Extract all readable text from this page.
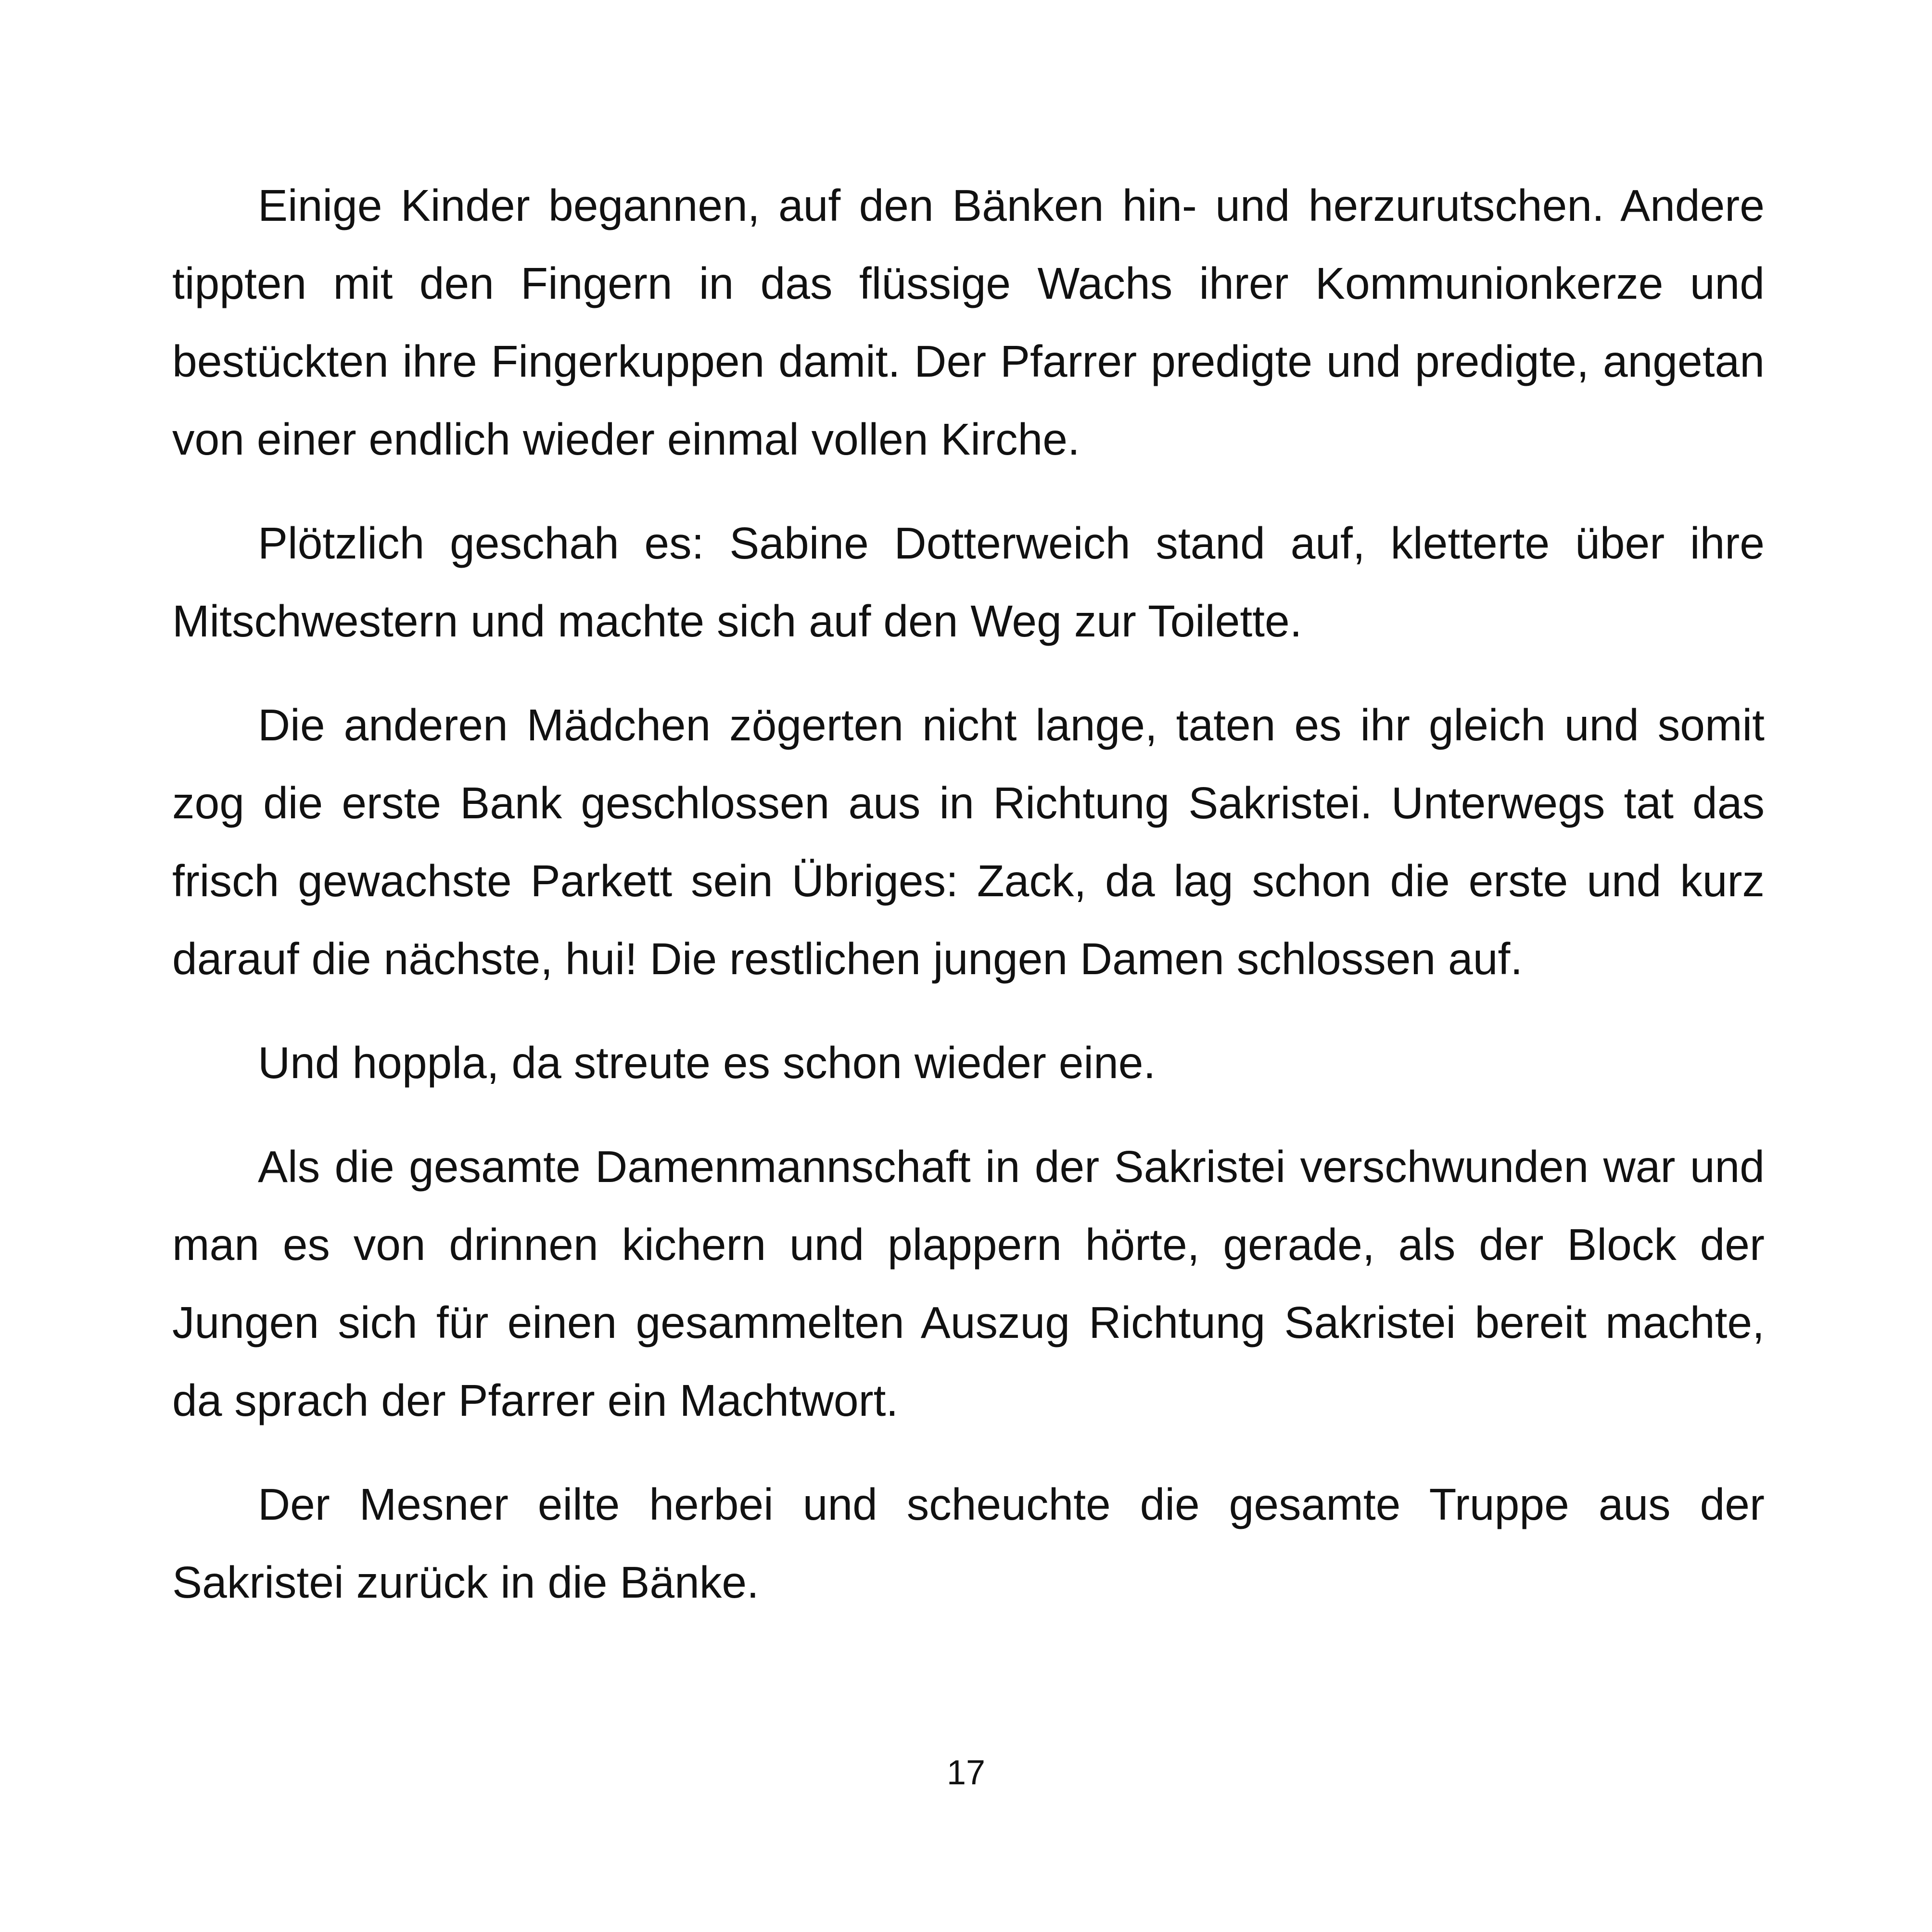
Einige Kinder begannen, auf den Bänken hin- und herzurutschen. Andere tippten mit den Fingern in das flüssige Wachs ihrer Kommunionkerze und bestückten ihre Fingerkuppen damit. Der Pfarrer predigte und predigte, angetan von einer endlich wieder einmal vollen Kirche.

Plötzlich geschah es: Sabine Dotterweich stand auf, kletterte über ihre Mitschwestern und machte sich auf den Weg zur Toilette.

Die anderen Mädchen zögerten nicht lange, taten es ihr gleich und somit zog die erste Bank geschlossen aus in Richtung Sakristei. Unterwegs tat das frisch gewachste Parkett sein Übriges: Zack, da lag schon die erste und kurz darauf die nächste, hui! Die restlichen jungen Damen schlossen auf.

Und hoppla, da streute es schon wieder eine.

Als die gesamte Damenmannschaft in der Sakristei verschwunden war und man es von drinnen kichern und plappern hörte, gerade, als der Block der Jungen sich für einen gesammelten Auszug Richtung Sakristei bereit machte, da sprach der Pfarrer ein Machtwort.

Der Mesner eilte herbei und scheuchte die gesamte Truppe aus der Sakristei zurück in die Bänke.

17
